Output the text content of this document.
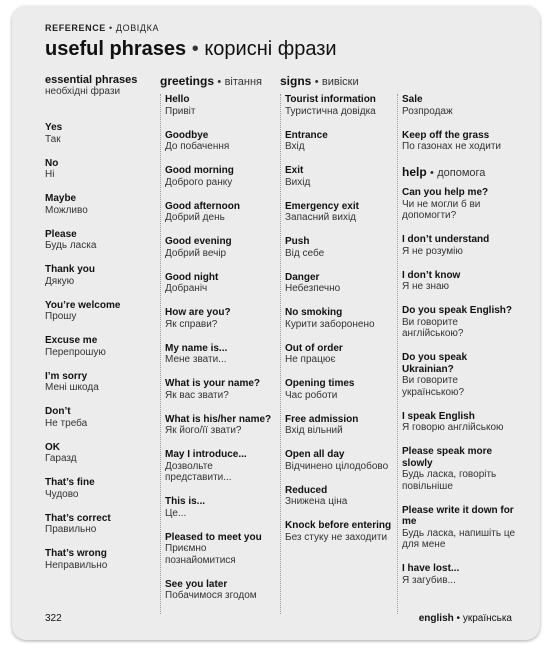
REFERENCE • ДОВІДКА
useful phrases • корисні фрази
essential phrases
необхідні фрази
Yes
Так
No
Ні
Maybe
Можливо
Please
Будь ласка
Thank you
Дякую
You’re welcome
Прошу
Excuse me
Перепрошую
I’m sorry
Мені шкода
Don’t
Не треба
OK
Гаразд
That’s fine
Чудово
That’s correct
Правильно
That’s wrong
Неправильно
greetings • вітання
Hello
Привіт
Goodbye
До побачення
Good morning
Доброго ранку
Good afternoon
Добрий день
Good evening
Добрий вечір
Good night
Добраніч
How are you?
Як справи?
My name is...
Мене звати...
What is your name?
Як вас звати?
What is his/her name?
Як його/її звати?
May I introduce...
Дозвольте представити...
This is...
Це...
Pleased to meet you
Приємно познайомитися
See you later
Побачимося згодом
signs • вивіски
Tourist information
Туристична довідка
Entrance
Вхід
Exit
Вихід
Emergency exit
Запасний вихід
Push
Від себе
Danger
Небезпечно
No smoking
Курити заборонено
Out of order
Не працює
Opening times
Час роботи
Free admission
Вхід вільний
Open all day
Відчинено цілодобово
Reduced
Знижена ціна
Knock before entering
Без стуку не заходити
Sale
Розпродаж
Keep off the grass
По газонах не ходити
help • допомога
Can you help me?
Чи не могли б ви допомогти?
I don’t understand
Я не розумію
I don’t know
Я не знаю
Do you speak English?
Ви говорите англійською?
Do you speak Ukrainian?
Ви говорите українською?
I speak English
Я говорю англійською
Please speak more slowly
Будь ласка, говоріть повільніше
Please write it down for me
Будь ласка, напишіть це для мене
I have lost...
Я загубив...
322	english • українська
